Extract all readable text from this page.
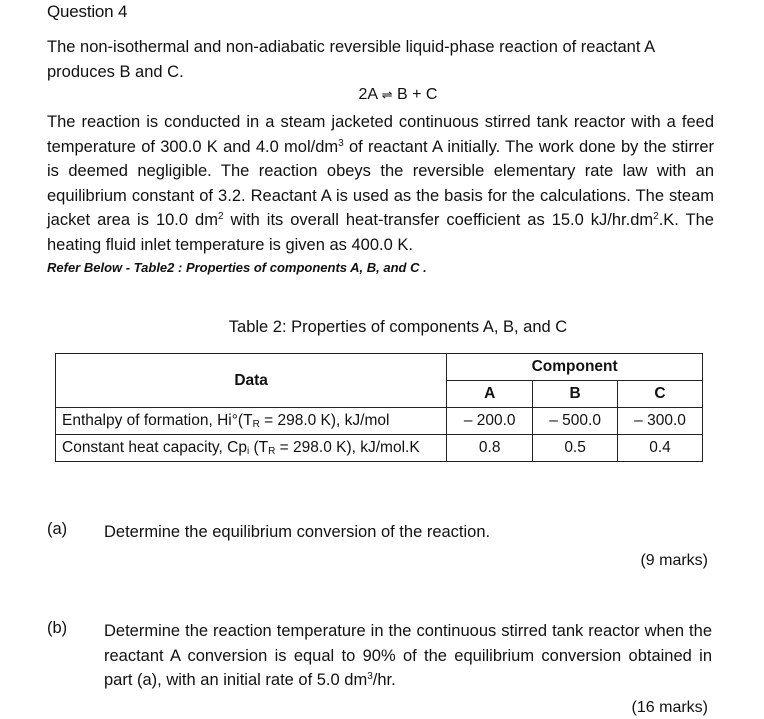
Question 4
The non-isothermal and non-adiabatic reversible liquid-phase reaction of reactant A produces B and C.
2A ⇌ B + C
The reaction is conducted in a steam jacketed continuous stirred tank reactor with a feed temperature of 300.0 K and 4.0 mol/$dm^3$ of reactant A initially. The work done by the stirrer is deemed negligible. The reaction obeys the reversible elementary rate law with an equilibrium constant of 3.2. Reactant A is used as the basis for the calculations. The steam jacket area is 10.0 $dm^2$ with its overall heat-transfer coefficient as 15.0 $kJ/hr.dm^2.K$. The heating fluid inlet temperature is given as 400.0 K.
Refer Below - Table2 : Properties of components A, B, and C .
Table 2: Properties of components A, B, and C
Data	Component		
	A	B	C
Enthalpy of formation, $Hi^\circ(T_R = 298.0$ K), kJ/mol	– 200.0	– 500.0	– 300.0
Constant heat capacity, $Cp_i$ ($T_R = 298.0$ K), kJ/mol.K	0.8	0.5	0.4
(a) Determine the equilibrium conversion of the reaction.
(9 marks)
(b) Determine the reaction temperature in the continuous stirred tank reactor when the reactant A conversion is equal to 90% of the equilibrium conversion obtained in part (a), with an initial rate of 5.0 $dm^3/hr$.
(16 marks)
